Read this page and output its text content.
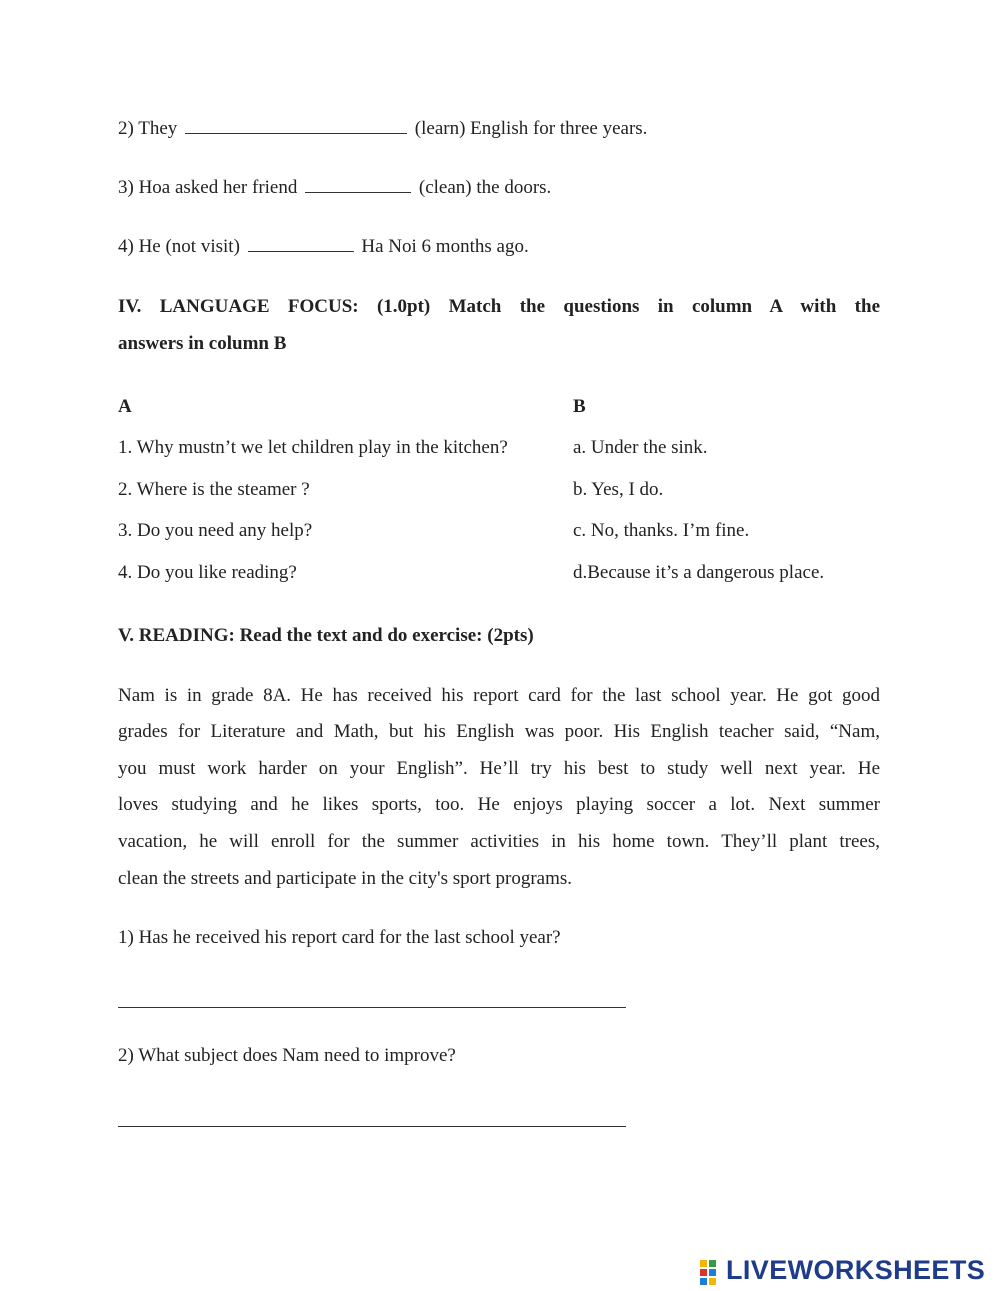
2) They	(learn) English for three years.
3) Hoa asked her friend	(clean) the doors.
4) He (not visit)	Ha Noi 6 months ago.
IV. LANGUAGE FOCUS: (1.0pt) Match the questions in column A with the
answers in column B
A	B
1. Why mustn’t we let children play in the kitchen?	a. Under the sink.
2. Where is the steamer ?	b. Yes, I do.
3. Do you need any help?	c. No, thanks. I’m fine.
4. Do you like reading?	d.Because it’s a dangerous place.
V. READING: Read the text and do exercise: (2pts)
Nam is in grade 8A. He has received his report card for the last school year. He got good
grades for Literature and Math, but his English was poor. His English teacher said, “Nam,
you must work harder on your English”. He’ll try his best to study well next year. He
loves studying and he likes sports, too. He enjoys playing soccer a lot. Next summer
vacation, he will enroll for the summer activities in his home town. They’ll plant trees,
clean the streets and participate in the city's sport programs.
1) Has he received his report card for the last school year?
2) What subject does Nam need to improve?
LIVEWORKSHEETS
